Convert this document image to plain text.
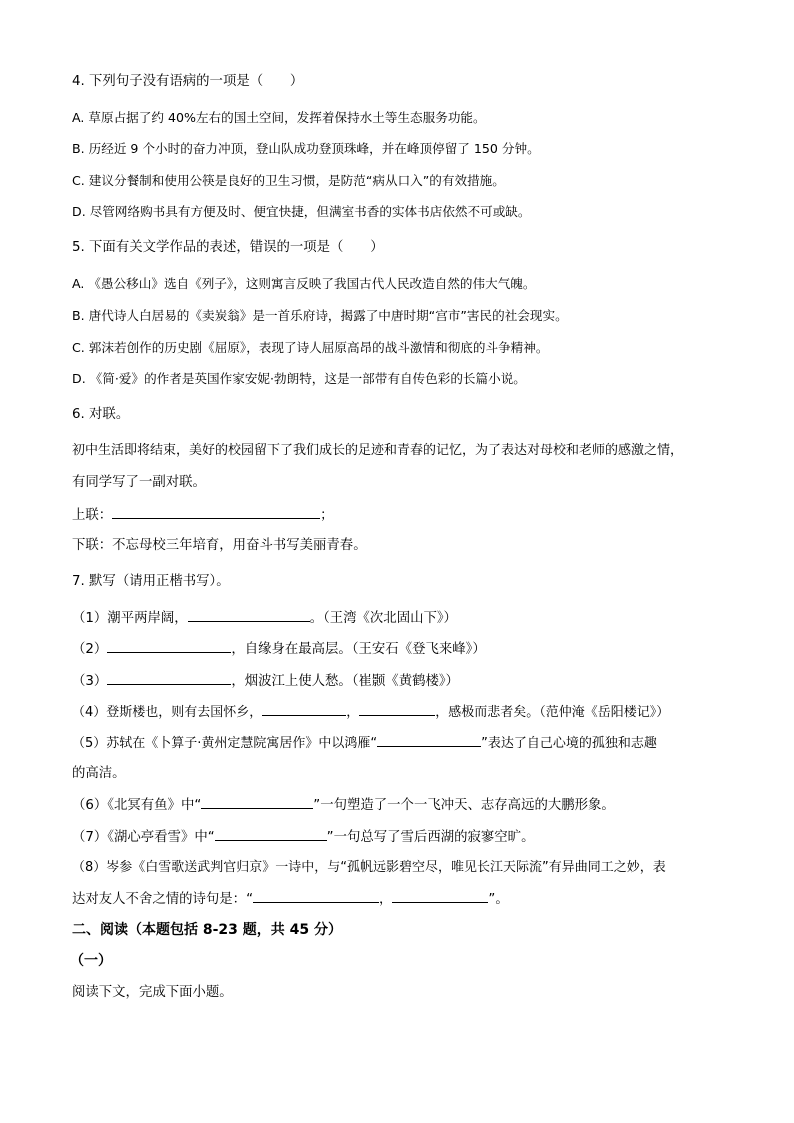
4. 下列句子没有语病的一项是（　　）
A. 草原占据了约 40%左右的国土空间，发挥着保持水土等生态服务功能。
B. 历经近 9 个小时的奋力冲顶，登山队成功登顶珠峰，并在峰顶停留了 150 分钟。
C. 建议分餐制和使用公筷是良好的卫生习惯，是防范“病从口入”的有效措施。
D. 尽管网络购书具有方便及时、便宜快捷，但满室书香的实体书店依然不可或缺。
5. 下面有关文学作品的表述，错误的一项是（　　）
A. 《愚公移山》选自《列子》，这则寓言反映了我国古代人民改造自然的伟大气魄。
B. 唐代诗人白居易的《卖炭翁》是一首乐府诗，揭露了中唐时期“宫市”害民的社会现实。
C. 郭沫若创作的历史剧《屈原》，表现了诗人屈原高昂的战斗激情和彻底的斗争精神。
D. 《简·爱》的作者是英国作家安妮·勃朗特，这是一部带有自传色彩的长篇小说。
6. 对联。
初中生活即将结束，美好的校园留下了我们成长的足迹和青春的记忆，为了表达对母校和老师的感激之情，
有同学写了一副对联。
上联：	；
下联：不忘母校三年培育，用奋斗书写美丽青春。
7. 默写（请用正楷书写）。
（1）潮平两岸阔，	。（王湾《次北固山下》）
（2）	，自缘身在最高层。（王安石《登飞来峰》）
（3）	，烟波江上使人愁。（崔颢《黄鹤楼》）
（4）登斯楼也，则有去国怀乡，	，	，感极而悲者矣。（范仲淹《岳阳楼记》）
（5）苏轼在《卜算子·黄州定慧院寓居作》中以鸿雁“	”表达了自己心境的孤独和志趣
的高洁。
（6）《北冥有鱼》中“	”一句塑造了一个一飞冲天、志存高远的大鹏形象。
（7）《湖心亭看雪》中“	”一句总写了雪后西湖的寂寥空旷。
（8）岑参《白雪歌送武判官归京》一诗中，与“孤帆远影碧空尽，唯见长江天际流”有异曲同工之妙，表
达对友人不舍之情的诗句是：“	，	”。
二、阅读（本题包括 8-23 题，共 45 分）
（一）
阅读下文，完成下面小题。
